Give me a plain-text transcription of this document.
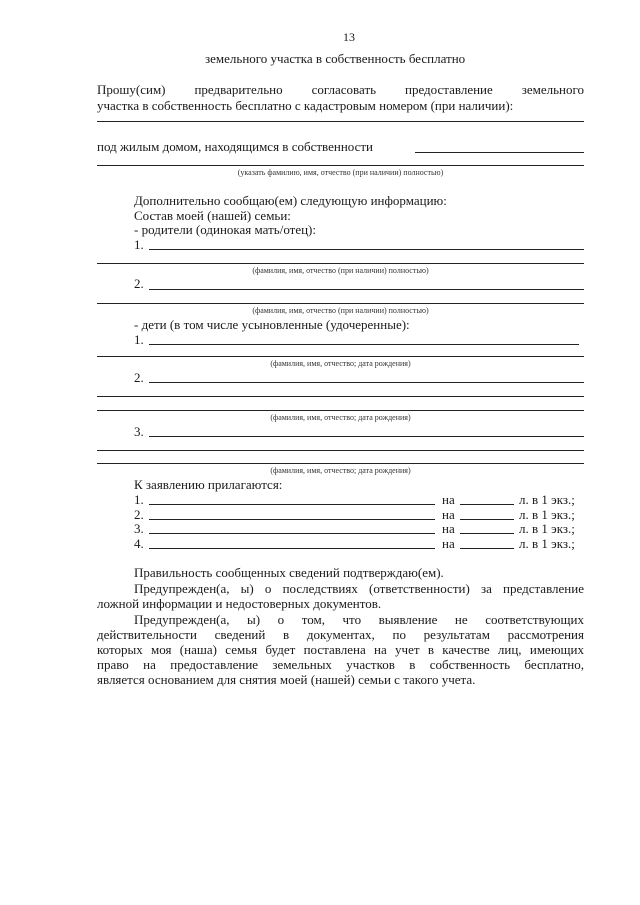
13
земельного участка в собственность бесплатно
Прошу(сим) предварительно согласовать предоставление земельного
участка в собственность бесплатно с кадастровым номером (при наличии):
под жилым домом, находящимся в собственности
(указать фамилию, имя, отчество (при наличии) полностью)
Дополнительно сообщаю(ем) следующую информацию:
Состав моей (нашей) семьи:
- родители (одинокая мать/отец):
1.
(фамилия, имя, отчество (при наличии) полностью)
2.
(фамилия, имя, отчество (при наличии) полностью)
- дети (в том числе усыновленные (удочеренные):
1.
(фамилия, имя, отчество; дата рождения)
2.
(фамилия, имя, отчество; дата рождения)
3.
(фамилия, имя, отчество; дата рождения)
К заявлению прилагаются:
1.	на	л. в 1 экз.;
2.	на	л. в 1 экз.;
3.	на	л. в 1 экз.;
4.	на	л. в 1 экз.;
Правильность сообщенных сведений подтверждаю(ем).
Предупрежден(а, ы) о последствиях (ответственности) за представление
ложной информации и недостоверных документов.
Предупрежден(а, ы) о том, что выявление не соответствующих
действительности сведений в документах, по результатам рассмотрения
которых моя (наша) семья будет поставлена на учет в качестве лиц, имеющих
право на предоставление земельных участков в собственность бесплатно,
является основанием для снятия моей (нашей) семьи с такого учета.
